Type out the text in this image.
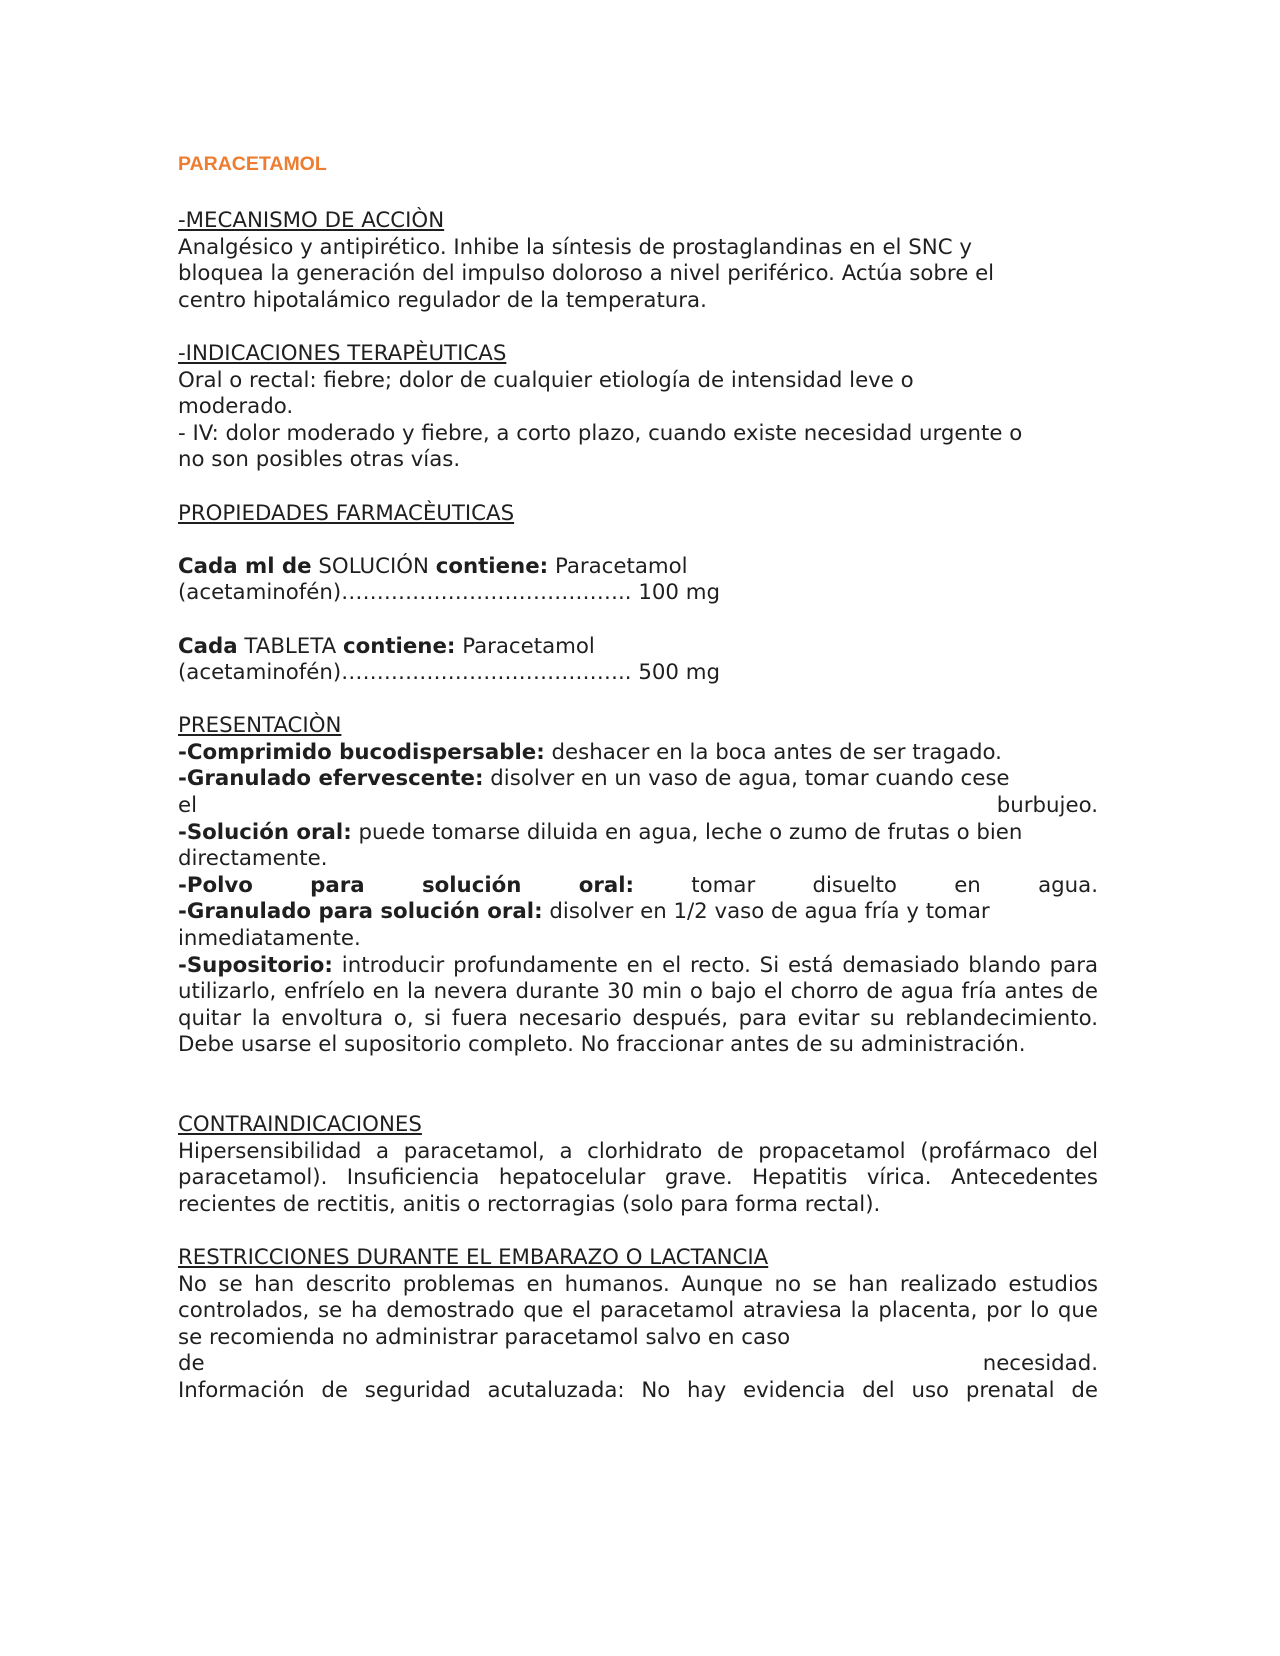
PARACETAMOL
-MECANISMO DE ACCIÒN
Analgésico y antipirético. Inhibe la síntesis de prostaglandinas en el SNC y
bloquea la generación del impulso doloroso a nivel periférico. Actúa sobre el
centro hipotalámico regulador de la temperatura.
-INDICACIONES TERAPÈUTICAS
Oral o rectal: fiebre; dolor de cualquier etiología de intensidad leve o
moderado.
- IV: dolor moderado y fiebre, a corto plazo, cuando existe necesidad urgente o
no son posibles otras vías.
PROPIEDADES FARMACÈUTICAS
Cada ml de SOLUCIÓN contiene: Paracetamol
(acetaminofén)………………………………….. 100 mg
Cada TABLETA contiene: Paracetamol
(acetaminofén)………………………………….. 500 mg
PRESENTACIÒN
-Comprimido bucodispersable: deshacer en la boca antes de ser tragado.
-Granulado efervescente: disolver en un vaso de agua, tomar cuando cese
el	burbujeo.
-Solución oral: puede tomarse diluida en agua, leche o zumo de frutas o bien
directamente.
-Polvo	para	solución	oral:	tomar	disuelto	en	agua.
-Granulado para solución oral: disolver en 1/2 vaso de agua fría y tomar
inmediatamente.
-Supositorio: introducir profundamente en el recto. Si está demasiado blando para utilizarlo, enfríelo en la nevera durante 30 min o bajo el chorro de agua fría antes de quitar la envoltura o, si fuera necesario después, para evitar su reblandecimiento. Debe usarse el supositorio completo. No fraccionar antes de su administración.
CONTRAINDICACIONES
Hipersensibilidad a paracetamol, a clorhidrato de propacetamol (profármaco del paracetamol). Insuficiencia hepatocelular grave. Hepatitis vírica. Antecedentes recientes de rectitis, anitis o rectorragias (solo para forma rectal).
RESTRICCIONES DURANTE EL EMBARAZO O LACTANCIA
No se han descrito problemas en humanos. Aunque no se han realizado estudios controlados, se ha demostrado que el paracetamol atraviesa la placenta, por lo que se recomienda no administrar paracetamol salvo en caso
de	necesidad.
Información de seguridad acutaluzada: No hay evidencia del uso prenatal de
